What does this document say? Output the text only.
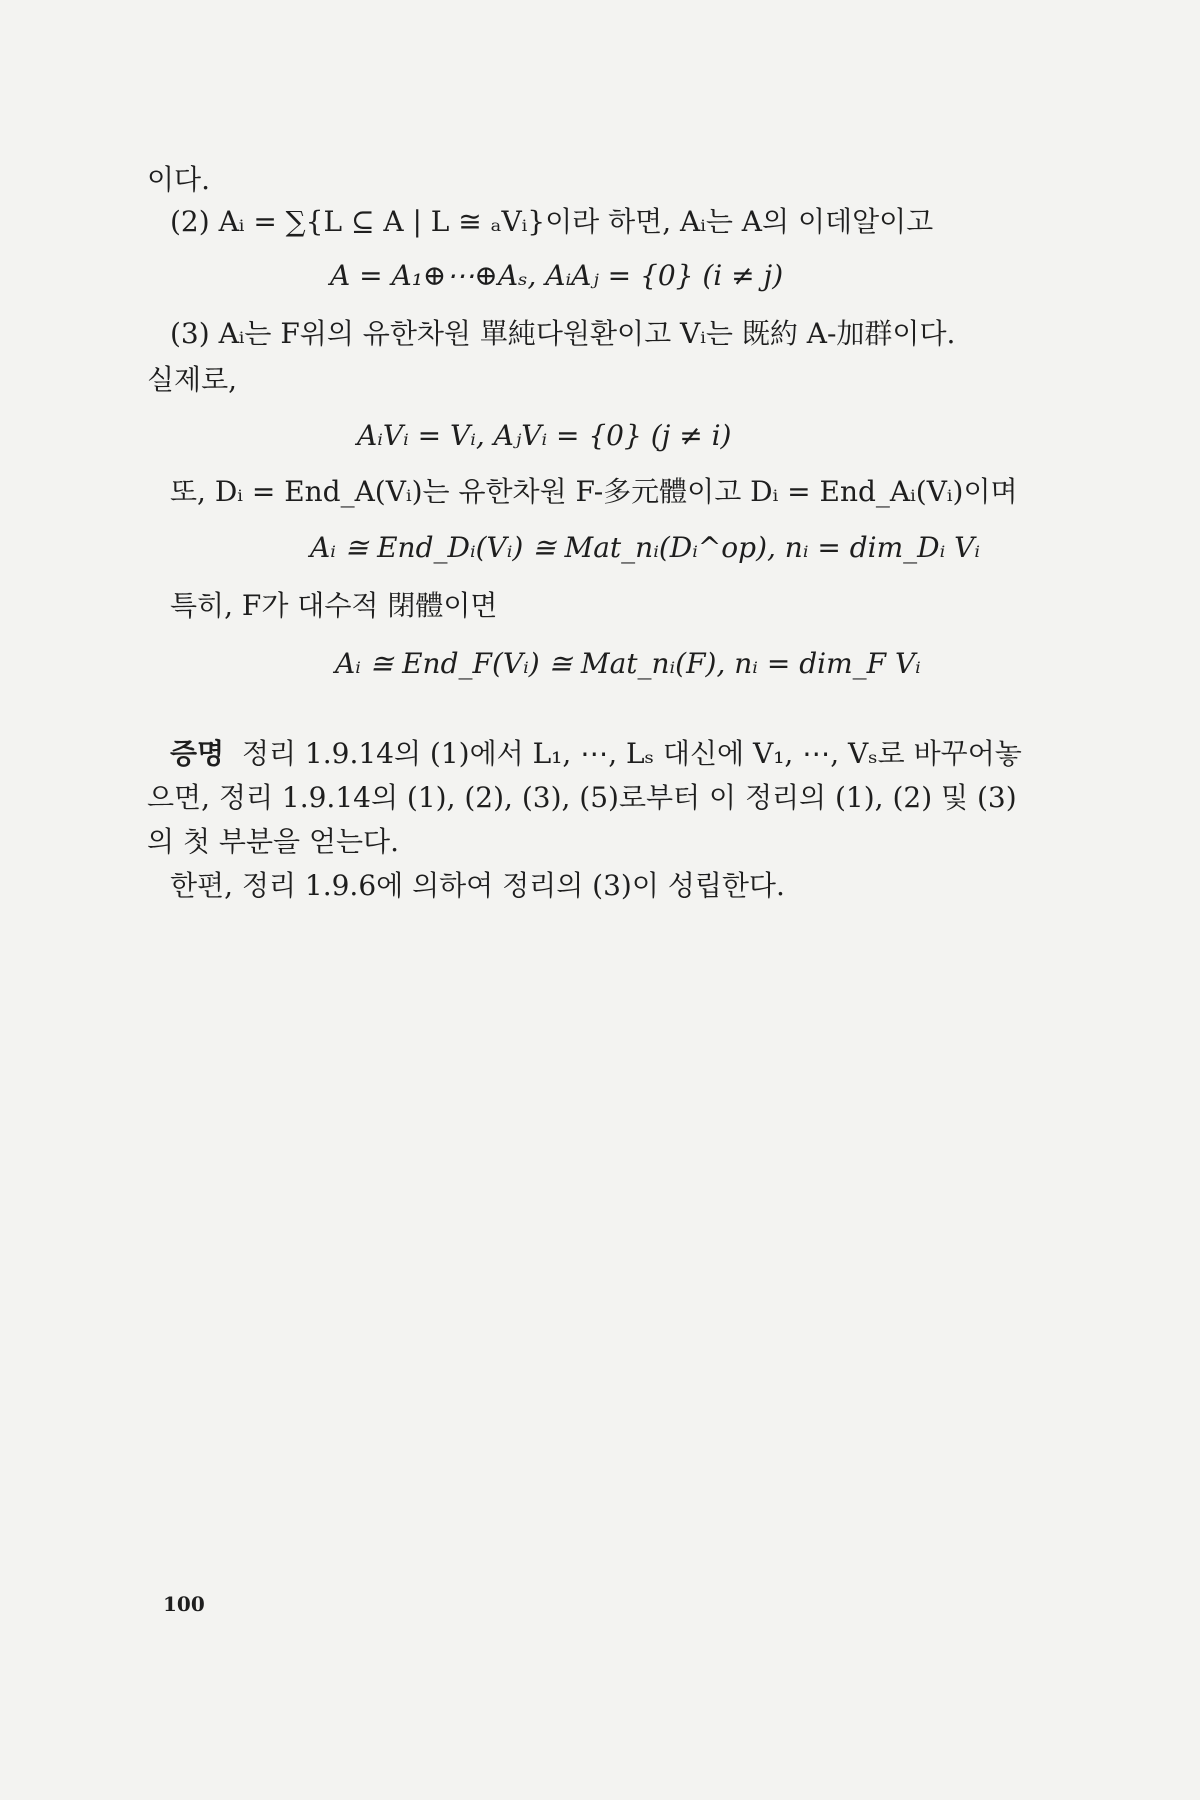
이다.
(2) Aᵢ = ∑{L ⊆ A | L ≅ ₐVᵢ}이라 하면, Aᵢ는 A의 이데알이고
A = A₁⊕⋯⊕Aₛ, AᵢAⱼ = {0} (i ≠ j)
(3) Aᵢ는 F위의 유한차원 單純다원환이고 Vᵢ는 既約 A-加群이다.
실제로,
AᵢVᵢ = Vᵢ, AⱼVᵢ = {0} (j ≠ i)
또, Dᵢ = End_A(Vᵢ)는 유한차원 F-多元體이고 Dᵢ = End_Aᵢ(Vᵢ)이며
Aᵢ ≅ End_Dᵢ(Vᵢ) ≅ Mat_nᵢ(Dᵢ^op), nᵢ = dim_Dᵢ Vᵢ
특히, F가 대수적 閉體이면
Aᵢ ≅ End_F(Vᵢ) ≅ Mat_nᵢ(F), nᵢ = dim_F Vᵢ
증명 정리 1.9.14의 (1)에서 L₁, ⋯, Lₛ 대신에 V₁, ⋯, Vₛ로 바꾸어놓
으면, 정리 1.9.14의 (1), (2), (3), (5)로부터 이 정리의 (1), (2) 및 (3)
의 첫 부분을 얻는다.
한편, 정리 1.9.6에 의하여 정리의 (3)이 성립한다.
100
